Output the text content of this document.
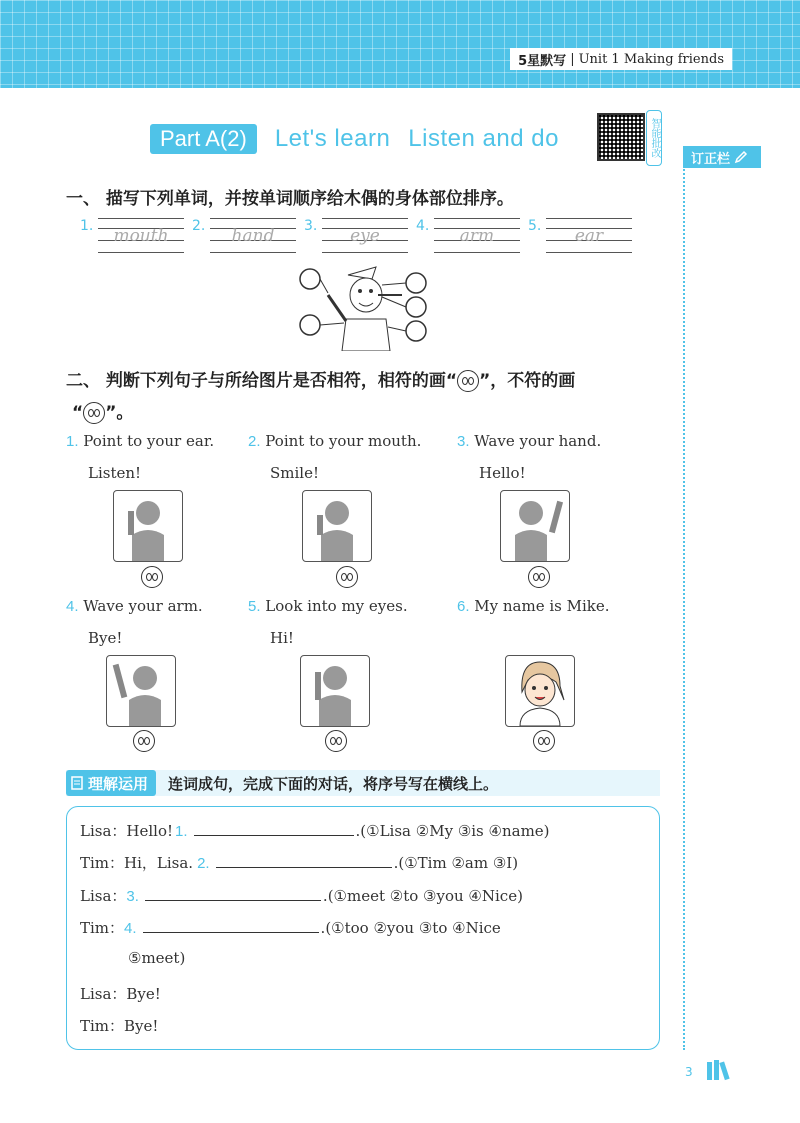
5星默写 | Unit 1 Making friends
Part A(2)	Let's learn Listen and do	智能批改
订正栏
一、 描写下列单词，并按单词顺序给木偶的身体部位排序。
1.	mouth	2.	hand	3.	eye	4.	arm	5.	ear
二、 判断下列句子与所给图片是否相符，相符的画“ ”，不符的画
“ ”。
1. Point to your ear.
Listen!
2. Point to your mouth.
Smile!
3. Wave your hand.
Hello!
4. Wave your arm.
Bye!
5. Look into my eyes.
Hi!
6. My name is Mike.
理解运用 连词成句，完成下面的对话，将序号写在横线上。
Lisa：Hello! 1.	.(①Lisa ②My ③is ④name)
Tim：Hi，Lisa. 2.	.(①Tim ②am ③I)
Lisa： 3.	.(①meet ②to ③you ④Nice)
Tim： 4.	.(①too ②you ③to ④Nice
⑤meet)
Lisa：Bye!
Tim：Bye!
3
